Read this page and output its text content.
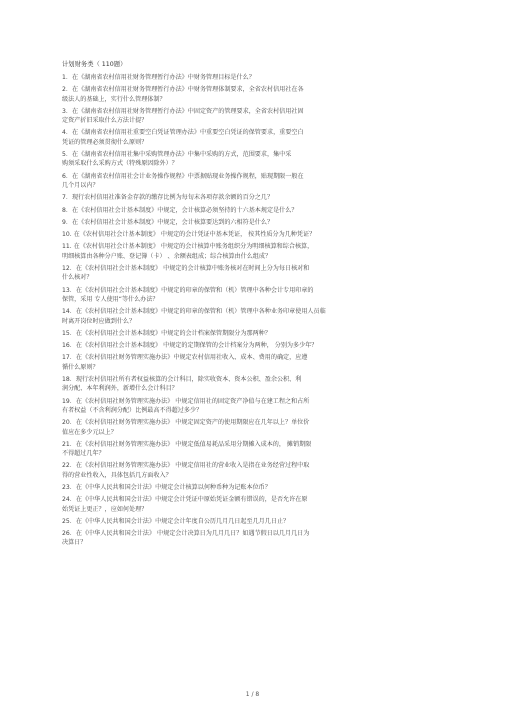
计划财务类（ 110题）
1．在《湖南省农村信用社财务管理暂行办法》中财务管理目标是什么？
2．在《湖南省农村信用社财务管理暂行办法》中财务管理体制要求，全省农村信用社在各
级法人的基础上，实行什么管理体制？
3．在《湖南省农村信用社财务管理暂行办法》中固定资产的管理要求，全省农村信用社固
定资产折旧采取什么方法计提？
4．在《湖南省农村信用社重要空白凭证管理办法》中重要空白凭证的保管要求，重要空白
凭证的管理必须贯彻什么原则？
5．在《湖南省农村信用社集中采购管理办法》中集中采购的方式，范围要求，集中采
购须采取什么采购方式（特殊原因除外）？
6．在《湖南省农村信用社会计业务操作规程》中票据贴现业务操作规程，贴现期限一般在
几个月以内？
7．现行农村信用社准备金存款的缴存比例为每旬末各项存款余额的百分之几？
8．在《农村信用社会计基本制度》中规定，会计核算必须坚持的十六基本规定是什么？
9．在《农村信用社会计基本制度》中规定，会计核算要达到的六相符是什么？
10. 在《农村信用社会计基本制度》 中规定的会计凭证中基本凭证， 按其性质分为几种凭证？
11. 在《农村信用社会计基本制度》 中规定的会计核算中账务组织分为明细核算和综合核算，
明细核算由各种分户账、登记簿（卡） 、余额表组成；综合核算由什么组成？
12．在《农村信用社会计基本制度》 中规定的会计核算中账务核对在时间上分为每日核对和
什么核对？
13．在《农村信用社会计基本制度》中规定的印章的保管和（机）管理中各种会计专用印章的
保管，采用 专人使用“等什么办法？
14．在《农村信用社会计基本制度》中规定的印章的保管和（机）管理中各种业务印章使用人员临
时离开岗位时应做到什么？
15．在《农村信用社会计基本制度》中规定的会计档案保管期限分为那两种？
16．在《农村信用社会计基本制度》 中规定的定期保管的会计档案分为两种， 分别为多少年？
17．在《农村信用社财务管理实施办法》中规定农村信用社收入、成本、费用的确定，应遵
循什么原则？
18．现行农村信用社所有者权益核算的会计科目，除实收资本、资本公积、盈余公积、利
润分配、本年利润外，新增什么会计科目？
19．在《农村信用社财务管理实施办法》 中规定信用社的固定资产净值与在建工程之和占所
有者权益（不含利润分配）比例最高不得超过多少？
20．在《农村信用社财务管理实施办法》 中规定固定资产的使用期限应在几年以上？单位价
值应在多少元以上？
21．在《农村信用社财务管理实施办法》 中规定低值易耗品采用分期摊入成本的， 摊销期限
不得超过几年？
22．在《农村信用社财务管理实施办法》 中规定信用社的营业收入是指在业务经营过程中取
得的营业性收入，具体包括几方面收入？
23．在《中华人民共和国会计法》中规定会计核算以何种币种为记账本位币？
24．在《中华人民共和国会计法》中规定会计凭证中原始凭证金额有错误的，是否允许在原
始凭证上更正？，应如何处理？
25．在《中华人民共和国会计法》中规定会计年度自公历几月几日起至几月几日止？
26．在《中华人民共和国会计法》 中规定会计决算日为几月几日？如遇节假日以几月几日为
决算日？
1 / 8
